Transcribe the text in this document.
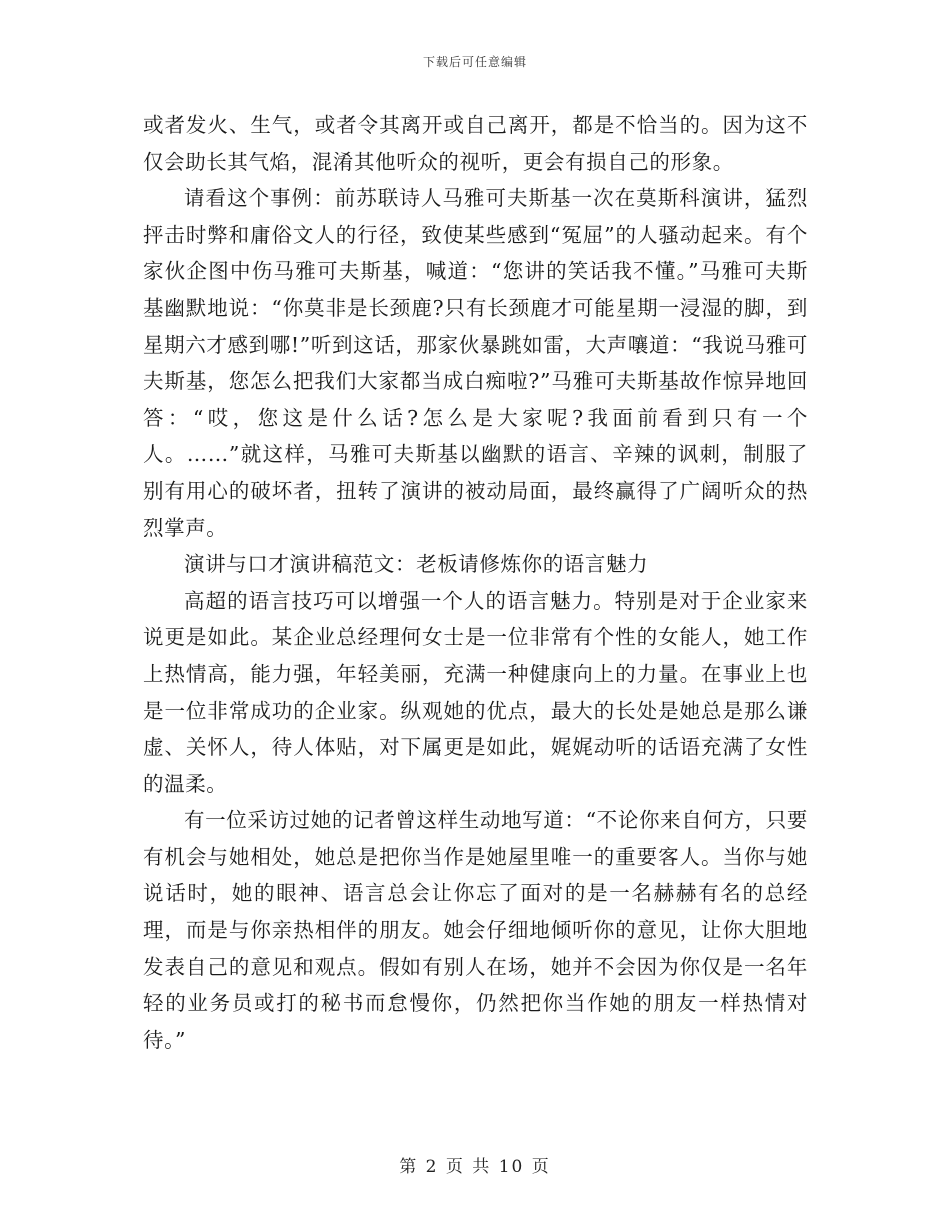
下载后可任意编辑

或者发火、生气，或者令其离开或自己离开，都是不恰当的。因为这不仅会助长其气焰，混淆其他听众的视听，更会有损自己的形象。

请看这个事例：前苏联诗人马雅可夫斯基一次在莫斯科演讲，猛烈抨击时弊和庸俗文人的行径，致使某些感到“冤屈”的人骚动起来。有个家伙企图中伤马雅可夫斯基，喊道：“您讲的笑话我不懂。”马雅可夫斯基幽默地说：“你莫非是长颈鹿?只有长颈鹿才可能星期一浸湿的脚，到星期六才感到哪!”听到这话，那家伙暴跳如雷，大声嚷道：“我说马雅可夫斯基，您怎么把我们大家都当成白痴啦?”马雅可夫斯基故作惊异地回答：“哎，您这是什么话?怎么是大家呢?我面前看到只有一个人。……”就这样，马雅可夫斯基以幽默的语言、辛辣的讽刺，制服了别有用心的破坏者，扭转了演讲的被动局面，最终赢得了广阔听众的热烈掌声。

演讲与口才演讲稿范文：老板请修炼你的语言魅力

高超的语言技巧可以增强一个人的语言魅力。特别是对于企业家来说更是如此。某企业总经理何女士是一位非常有个性的女能人，她工作上热情高，能力强，年轻美丽，充满一种健康向上的力量。在事业上也是一位非常成功的企业家。纵观她的优点，最大的长处是她总是那么谦虚、关怀人，待人体贴，对下属更是如此，娓娓动听的话语充满了女性的温柔。

有一位采访过她的记者曾这样生动地写道：“不论你来自何方，只要有机会与她相处，她总是把你当作是她屋里唯一的重要客人。当你与她说话时，她的眼神、语言总会让你忘了面对的是一名赫赫有名的总经理，而是与你亲热相伴的朋友。她会仔细地倾听你的意见，让你大胆地发表自己的意见和观点。假如有别人在场，她并不会因为你仅是一名年轻的业务员或打的秘书而怠慢你，仍然把你当作她的朋友一样热情对待。”

第 2 页 共 10 页
